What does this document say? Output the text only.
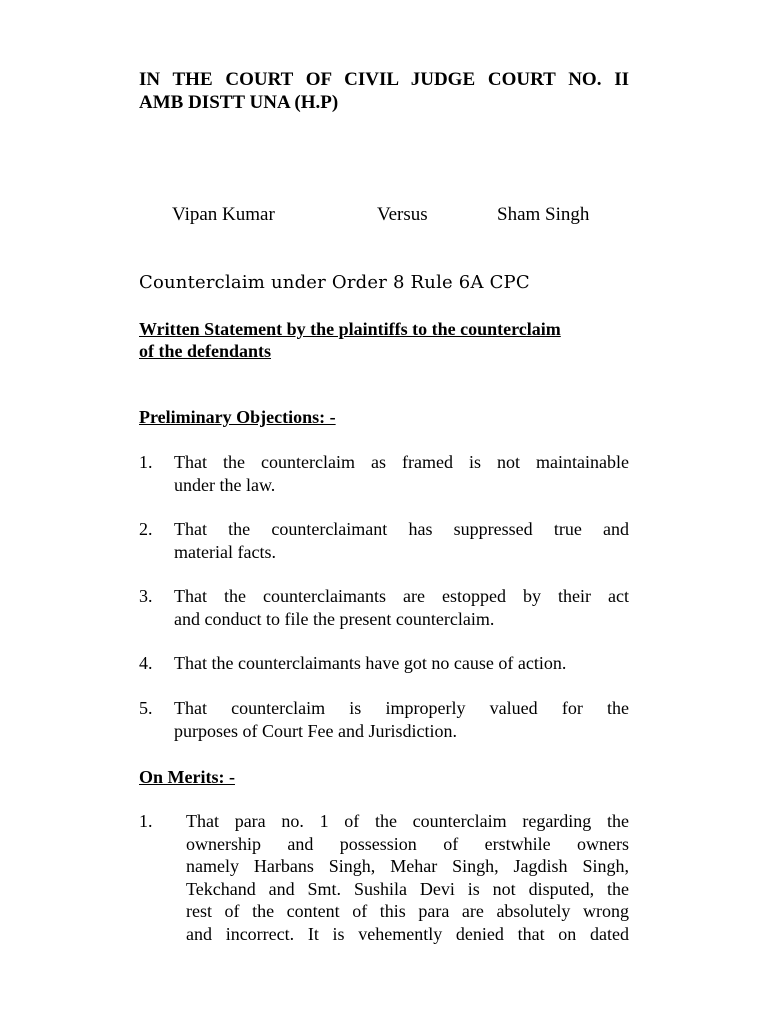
IN THE COURT OF CIVIL JUDGE COURT NO. II
AMB DISTT UNA (H.P)
Vipan Kumar	Versus	Sham Singh
Counterclaim under Order 8 Rule 6A CPC
Written Statement by the plaintiffs to the counterclaim
of the defendants
Preliminary Objections: -
1. That the counterclaim as framed is not maintainable
under the law.
2. That the counterclaimant has suppressed true and
material facts.
3. That the counterclaimants are estopped by their act
and conduct to file the present counterclaim.
4. That the counterclaimants have got no cause of action.
5. That counterclaim is improperly valued for the
purposes of Court Fee and Jurisdiction.
On Merits: -
1. That para no. 1 of the counterclaim regarding the
ownership and possession of erstwhile owners
namely Harbans Singh, Mehar Singh, Jagdish Singh,
Tekchand and Smt. Sushila Devi is not disputed, the
rest of the content of this para are absolutely wrong
and incorrect. It is vehemently denied that on dated
